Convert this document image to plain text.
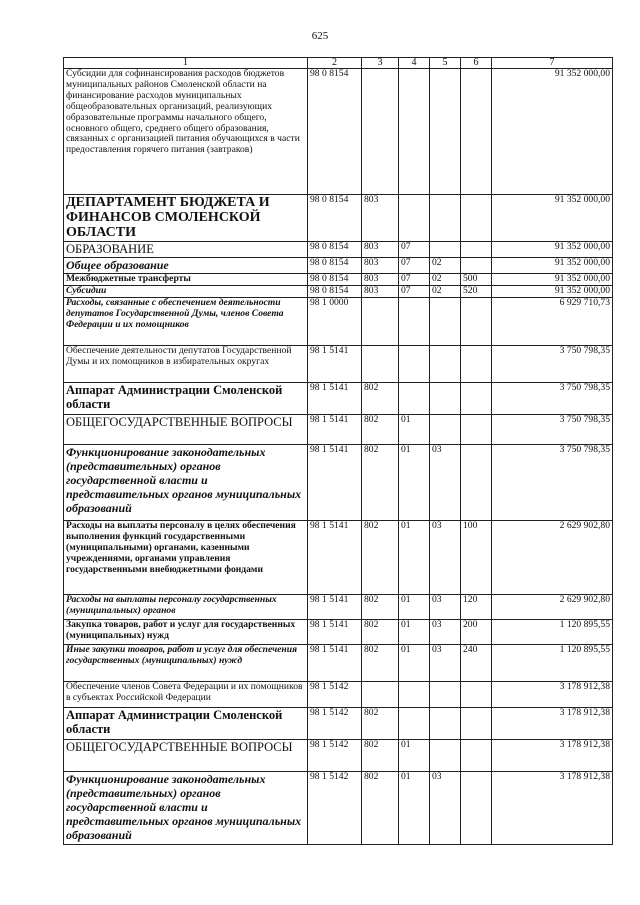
625
1	2	3	4	5	6	7
Субсидии для софинансирования расходов бюджетов муниципальных районов Смоленской области на финансирование расходов муниципальных общеобразовательных организаций, реализующих образовательные программы начального общего, основного общего, среднего общего образования, связанных с организацией питания обучающихся в части предоставления горячего питания (завтраков)	98 0 8154					91 352 000,00
ДЕПАРТАМЕНТ БЮДЖЕТА И ФИНАНСОВ СМОЛЕНСКОЙ ОБЛАСТИ	98 0 8154	803				91 352 000,00
ОБРАЗОВАНИЕ	98 0 8154	803	07			91 352 000,00
Общее образование	98 0 8154	803	07	02		91 352 000,00
Межбюджетные трансферты	98 0 8154	803	07	02	500	91 352 000,00
Субсидии	98 0 8154	803	07	02	520	91 352 000,00
Расходы, связанные с обеспечением деятельности депутатов Государственной Думы, членов Совета Федерации и их помощников	98 1 0000					6 929 710,73
Обеспечение деятельности депутатов Государственной Думы и их помощников в избирательных округах	98 1 5141					3 750 798,35
Аппарат Администрации Смоленской области	98 1 5141	802				3 750 798,35
ОБЩЕГОСУДАРСТВЕННЫЕ ВОПРОСЫ	98 1 5141	802	01			3 750 798,35
Функционирование законодательных (представительных) органов государственной власти и представительных органов муниципальных образований	98 1 5141	802	01	03		3 750 798,35
Расходы на выплаты персоналу в целях обеспечения выполнения функций государственными (муниципальными) органами, казенными учреждениями, органами управления государственными внебюджетными фондами	98 1 5141	802	01	03	100	2 629 902,80
Расходы на выплаты персоналу государственных (муниципальных) органов	98 1 5141	802	01	03	120	2 629 902,80
Закупка товаров, работ и услуг для государственных (муниципальных) нужд	98 1 5141	802	01	03	200	1 120 895,55
Иные закупки товаров, работ и услуг для обеспечения государственных (муниципальных) нужд	98 1 5141	802	01	03	240	1 120 895,55
Обеспечение членов Совета Федерации и их помощников в субъектах Российской Федерации	98 1 5142					3 178 912,38
Аппарат Администрации Смоленской области	98 1 5142	802				3 178 912,38
ОБЩЕГОСУДАРСТВЕННЫЕ ВОПРОСЫ	98 1 5142	802	01			3 178 912,38
Функционирование законодательных (представительных) органов государственной власти и представительных органов муниципальных образований	98 1 5142	802	01	03		3 178 912,38
